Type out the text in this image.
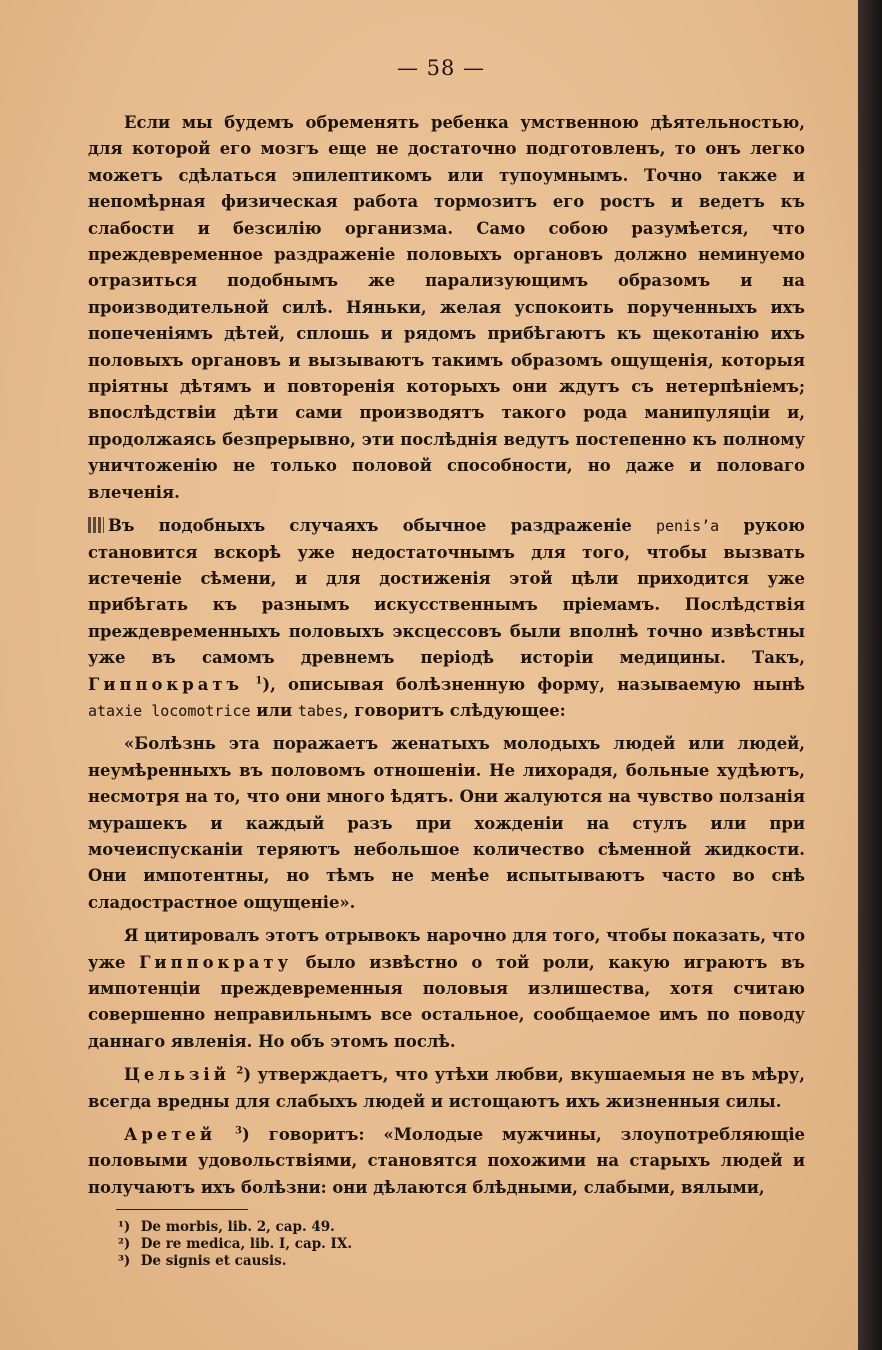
— 58 —

Если мы будемъ обременять ребенка умственною дѣятельностью, для которой его мозгъ еще не достаточно подготовленъ, то онъ легко можетъ сдѣлаться эпилептикомъ или тупоумнымъ. Точно также и непомѣрная физическая работа тормозитъ его ростъ и ведетъ къ слабости и безсилію организма. Само собою разумѣется, что преждевременное раздраженіе половыхъ органовъ должно неминуемо отразиться подобнымъ же парализующимъ образомъ и на производительной силѣ. Няньки, желая успокоить порученныхъ ихъ попеченіямъ дѣтей, сплошь и рядомъ прибѣгаютъ къ щекотанію ихъ половыхъ органовъ и вызываютъ такимъ образомъ ощущенія, которыя пріятны дѣтямъ и повторенія которыхъ они ждутъ съ нетерпѣніемъ; впослѣдствіи дѣти сами производятъ такого рода манипуляціи и, продолжаясь безпрерывно, эти послѣднія ведутъ постепенно къ полному уничтоженію не только половой способности, но даже и половаго влеченія.

Въ подобныхъ случаяхъ обычное раздраженіе penis’a рукою становится вскорѣ уже недостаточнымъ для того, чтобы вызвать истеченіе сѣмени, и для достиженія этой цѣли приходится уже прибѣгать къ разнымъ искусственнымъ пріемамъ. Послѣдствія преждевременныхъ половыхъ эксцессовъ были вполнѣ точно извѣстны уже въ самомъ древнемъ періодѣ исторіи медицины. Такъ, Гиппократъ $^1$), описывая болѣзненную форму, называемую нынѣ ataxie locomotrice или tabes, говоритъ слѣдующее:

«Болѣзнь эта поражаетъ женатыхъ молодыхъ людей или людей, неумѣренныхъ въ половомъ отношеніи. Не лихорадя, больные худѣютъ, несмотря на то, что они много ѣдятъ. Они жалуются на чувство ползанія мурашекъ и каждый разъ при хожденіи на стулъ или при мочеиспусканіи теряютъ небольшое количество сѣменной жидкости. Они импотентны, но тѣмъ не менѣе испытываютъ часто во снѣ сладострастное ощущеніе».

Я цитировалъ этотъ отрывокъ нарочно для того, чтобы показать, что уже Гиппократу было извѣстно о той роли, какую играютъ въ импотенціи преждевременныя половыя излишества, хотя считаю совершенно неправильнымъ все остальное, сообщаемое имъ по поводу даннаго явленія. Но объ этомъ послѣ.

Цельзій $^2$) утверждаетъ, что утѣхи любви, вкушаемыя не въ мѣру, всегда вредны для слабыхъ людей и истощаютъ ихъ жизненныя силы.

Аретей $^3$) говоритъ: «Молодые мужчины, злоупотребляющіе половыми удовольствіями, становятся похожими на старыхъ людей и получаютъ ихъ болѣзни: они дѣлаются блѣдными, слабыми, вялыми,

¹) De morbis, lib. 2, cap. 49.
²) De re medica, lib. I, cap. IX.
³) De signis et causis.
